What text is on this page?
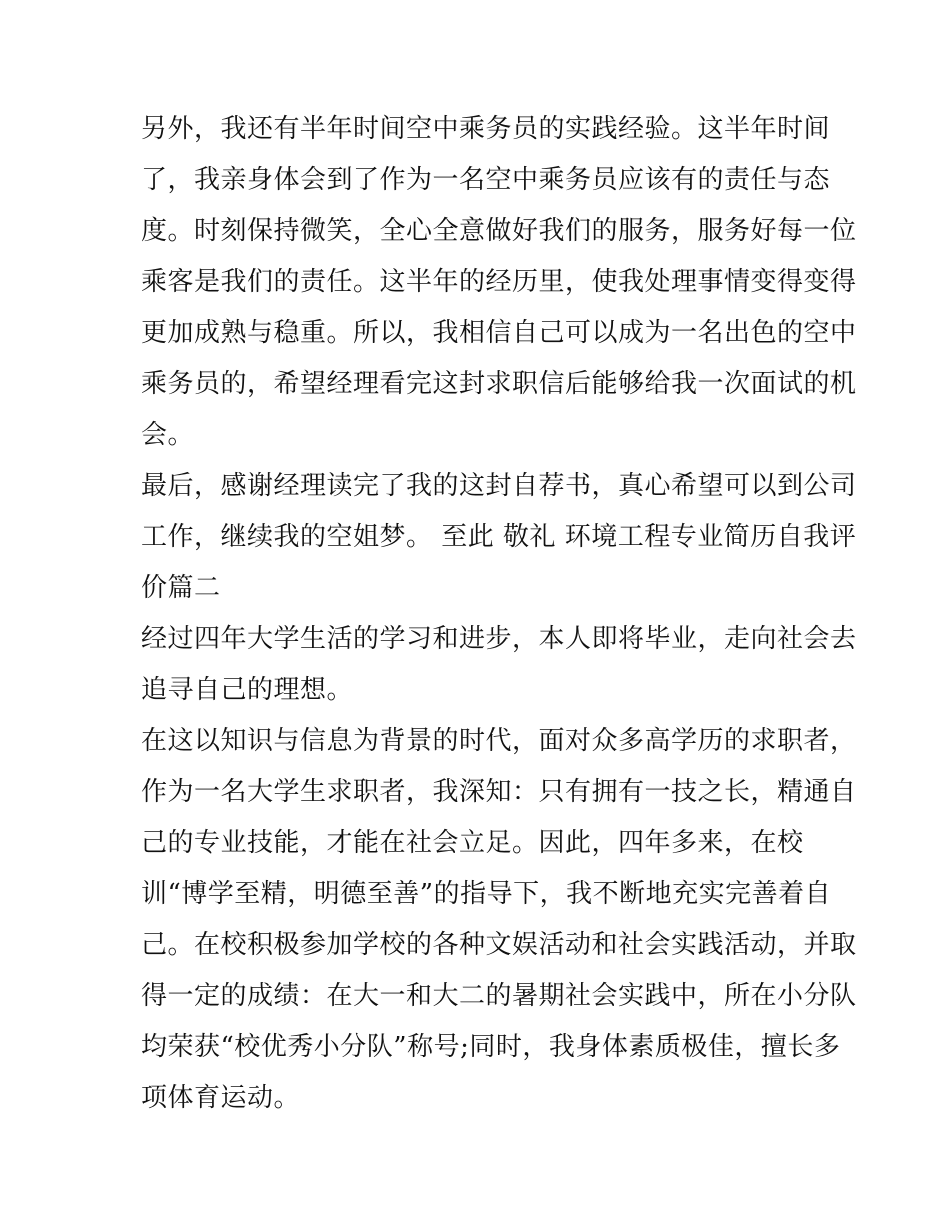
另外，我还有半年时间空中乘务员的实践经验。这半年时间
了，我亲身体会到了作为一名空中乘务员应该有的责任与态
度。时刻保持微笑，全心全意做好我们的服务，服务好每一位
乘客是我们的责任。这半年的经历里，使我处理事情变得变得
更加成熟与稳重。所以，我相信自己可以成为一名出色的空中
乘务员的，希望经理看完这封求职信后能够给我一次面试的机
会。
最后，感谢经理读完了我的这封自荐书，真心希望可以到公司
工作，继续我的空姐梦。 至此 敬礼 环境工程专业简历自我评
价篇二
经过四年大学生活的学习和进步，本人即将毕业，走向社会去
追寻自己的理想。
在这以知识与信息为背景的时代，面对众多高学历的求职者，
作为一名大学生求职者，我深知：只有拥有一技之长，精通自
己的专业技能，才能在社会立足。因此，四年多来，在校
训“博学至精，明德至善”的指导下，我不断地充实完善着自
己。在校积极参加学校的各种文娱活动和社会实践活动，并取
得一定的成绩：在大一和大二的暑期社会实践中，所在小分队
均荣获“校优秀小分队”称号;同时，我身体素质极佳，擅长多
项体育运动。
